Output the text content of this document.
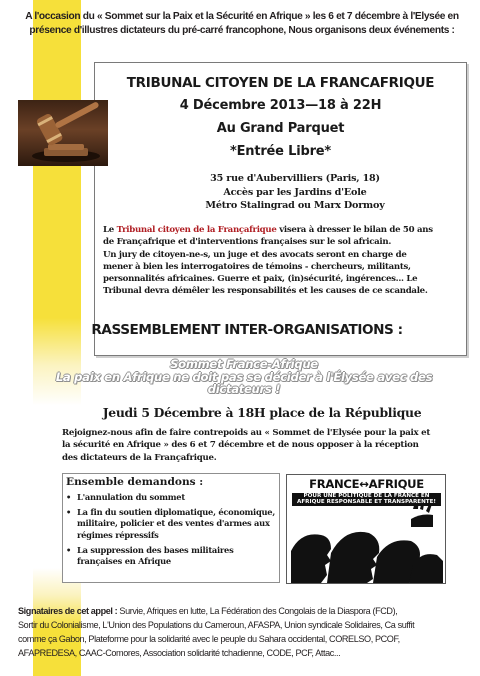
A l'occasion du « Sommet sur la Paix et la Sécurité en Afrique » les 6 et 7 décembre à l'Elysée en
présence d'illustres dictateurs du pré-carré francophone, Nous organisons deux événements :
TRIBUNAL CITOYEN DE LA FRANCAFRIQUE
4 Décembre 2013—18 à 22H
Au Grand Parquet
*Entrée Libre*
35 rue d'Aubervilliers (Paris, 18)
Accès par les Jardins d'Eole
Métro Stalingrad ou Marx Dormoy
Le Tribunal citoyen de la Françafrique visera à dresser le bilan de 50 ans
de Françafrique et d'interventions françaises sur le sol africain.
Un jury de citoyen-ne-s, un juge et des avocats seront en charge de
mener à bien les interrogatoires de témoins - chercheurs, militants,
personnalités africaines. Guerre et paix, (in)sécurité, ingérences... Le
Tribunal devra démêler les responsabilités et les causes de ce scandale.
RASSEMBLEMENT INTER-ORGANISATIONS :
Sommet France-Afrique
La paix en Afrique ne doit pas se décider à l'Élysée avec des
dictateurs !
Jeudi 5 Décembre à 18H place de la République
Rejoignez-nous afin de faire contrepoids au « Sommet de l'Elysée pour la paix et
la sécurité en Afrique » des 6 et 7 décembre et de nous opposer à la réception
des dictateurs de la Françafrique.
Ensemble demandons :
• L'annulation du sommet
• La fin du soutien diplomatique, économique, militaire, policier et des ventes d'armes aux régimes répressifs
• La suppression des bases militaires françaises en Afrique
FRANCE↔AFRIQUE
POUR UNE POLITIQUE DE LA FRANCE EN
AFRIQUE RESPONSABLE ET TRANSPARENTE!
Signataires de cet appel : Survie, Afriques en lutte, La Fédération des Congolais de la Diaspora (FCD),
Sortir du Colonialisme, L'Union des Populations du Cameroun, AFASPA, Union syndicale Solidaires, Ca suffit
comme ça Gabon, Plateforme pour la solidarité avec le peuple du Sahara occidental, CORELSO, PCOF,
AFAPREDESA, CAAC-Comores, Association solidarité tchadienne, CODE, PCF, Attac...
